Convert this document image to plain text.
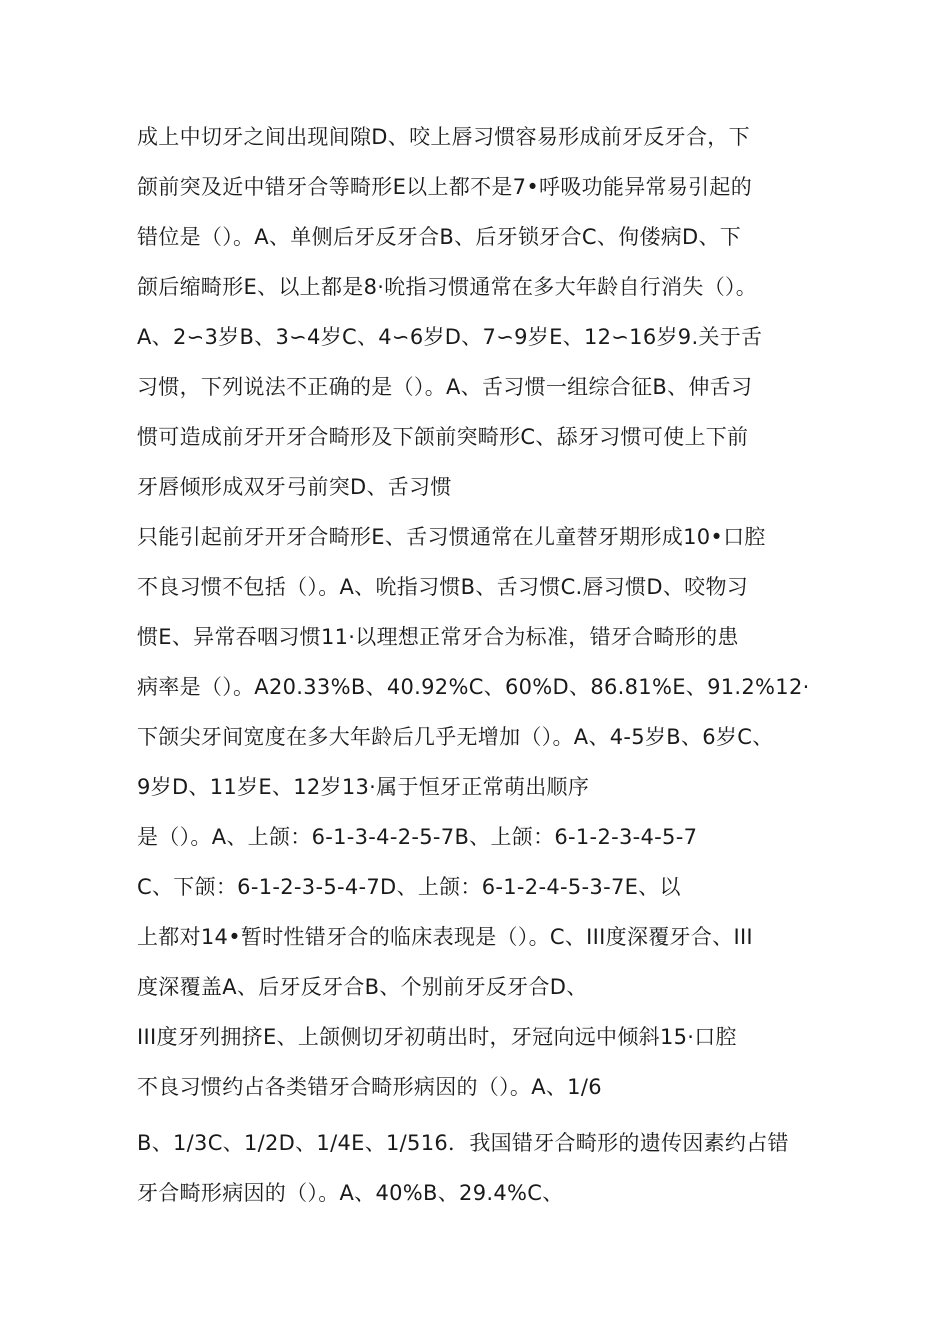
成上中切牙之间出现间隙D、咬上唇习惯容易形成前牙反牙合，下
颌前突及近中错牙合等畸形E以上都不是7•呼吸功能异常易引起的
错位是（）。A、单侧后牙反牙合B、后牙锁牙合C、佝偻病D、下
颌后缩畸形E、以上都是8·吮指习惯通常在多大年龄自行消失（）。
A、2∽3岁B、3∽4岁C、4∽6岁D、7∽9岁E、12∽16岁9.关于舌
习惯，下列说法不正确的是（）。A、舌习惯一组综合征B、伸舌习
惯可造成前牙开牙合畸形及下颌前突畸形C、舔牙习惯可使上下前
牙唇倾形成双牙弓前突D、舌习惯
只能引起前牙开牙合畸形E、舌习惯通常在儿童替牙期形成10•口腔
不良习惯不包括（）。A、吮指习惯B、舌习惯C.唇习惯D、咬物习
惯E、异常吞咽习惯11·以理想正常牙合为标准，错牙合畸形的患
病率是（）。A20.33%B、40.92%C、60%D、86.81%E、91.2%12·
下颌尖牙间宽度在多大年龄后几乎无增加（）。A、4-5岁B、6岁C、
9岁D、11岁E、12岁13·属于恒牙正常萌出顺序
是（）。A、上颌：6-1-3-4-2-5-7B、上颌：6-1-2-3-4-5-7
C、下颌：6-1-2-3-5-4-7D、上颌：6-1-2-4-5-3-7E、以
上都对14•暂时性错牙合的临床表现是（）。C、III度深覆牙合、III
度深覆盖A、后牙反牙合B、个别前牙反牙合D、
III度牙列拥挤E、上颌侧切牙初萌出时，牙冠向远中倾斜15·口腔
不良习惯约占各类错牙合畸形病因的（）。A、1/6
B、1/3C、1/2D、1/4E、1/516．我国错牙合畸形的遗传因素约占错
牙合畸形病因的（）。A、40%B、29.4%C、
